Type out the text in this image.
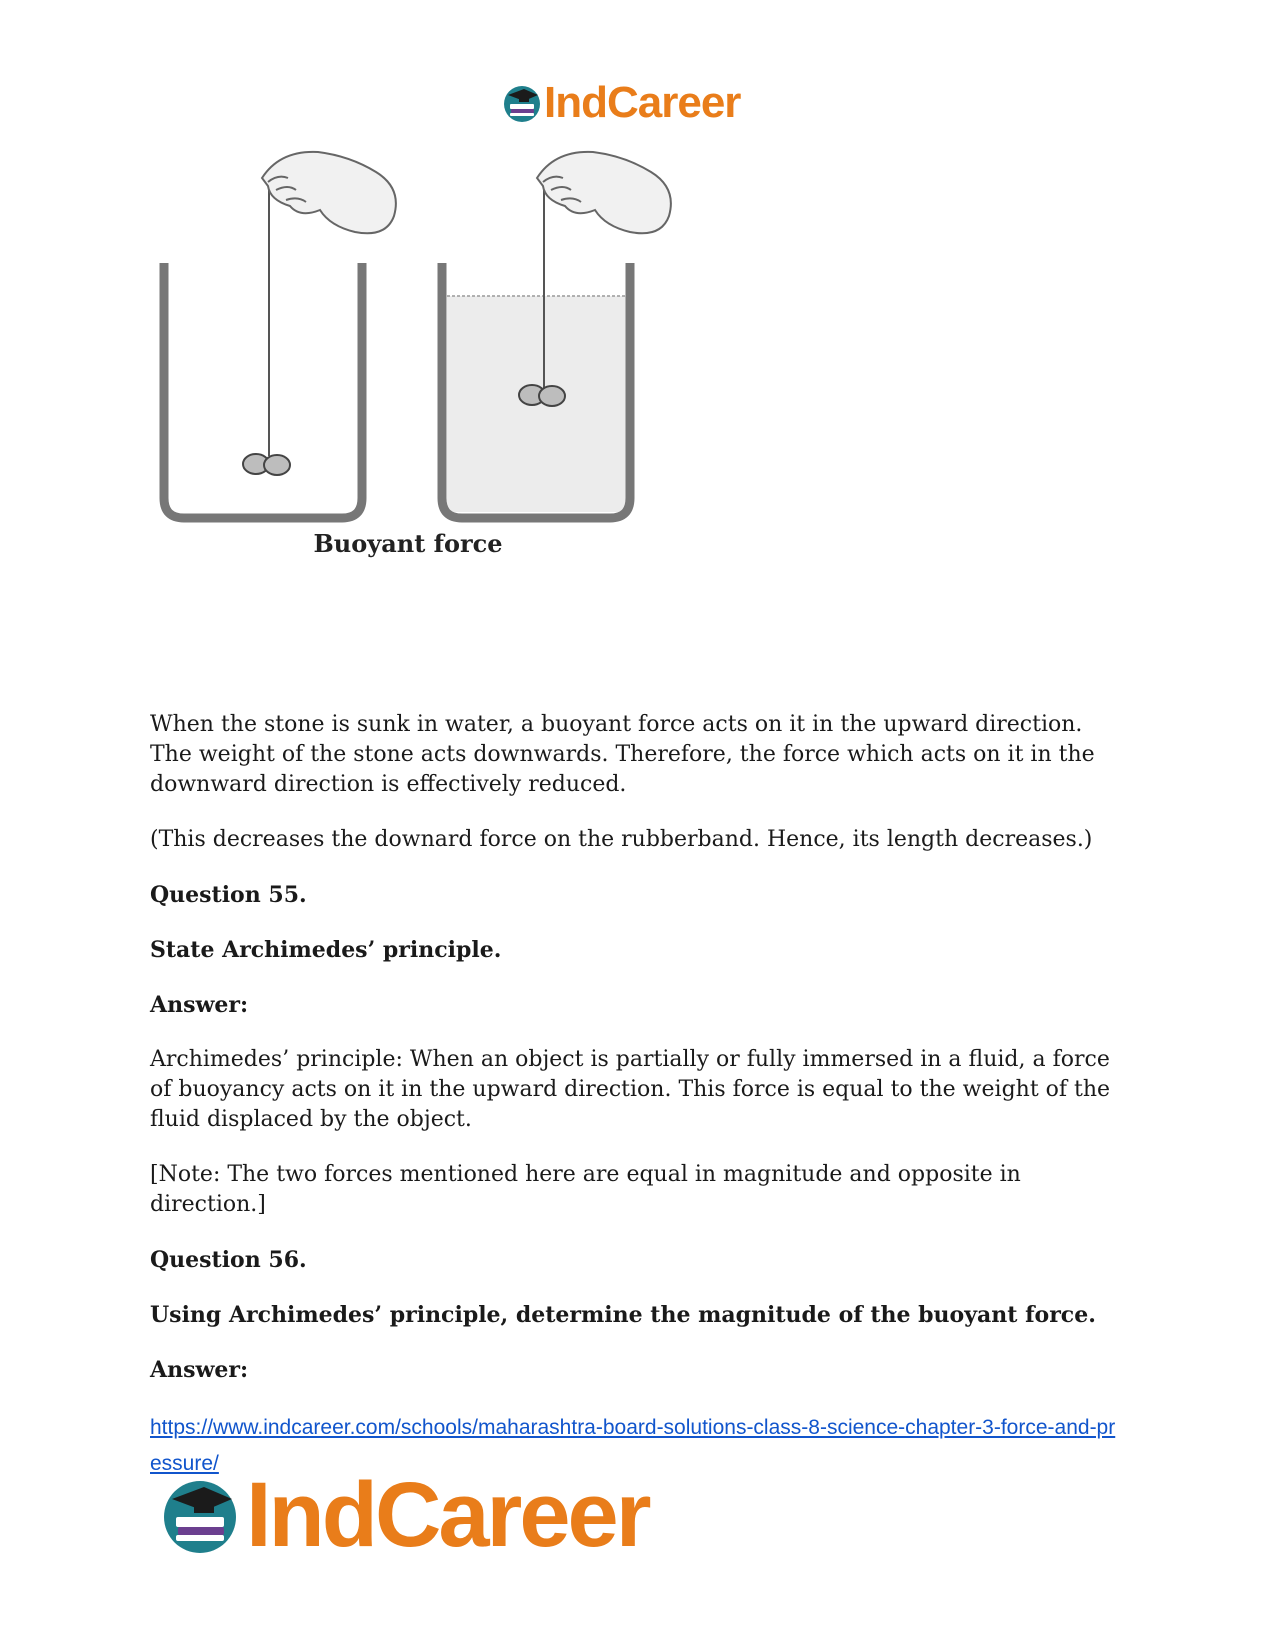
IndCareer
Buoyant force

When the stone is sunk in water, a buoyant force acts on it in the upward direction. The weight of the stone acts downwards. Therefore, the force which acts on it in the downward direction is effectively reduced.

(This decreases the downard force on the rubberband. Hence, its length decreases.)

Question 55.

State Archimedes’ principle.

Answer:

Archimedes’ principle: When an object is partially or fully immersed in a fluid, a force of buoyancy acts on it in the upward direction. This force is equal to the weight of the fluid displaced by the object.

[Note: The two forces mentioned here are equal in magnitude and opposite in direction.]

Question 56.

Using Archimedes’ principle, determine the magnitude of the buoyant force.

Answer:

https://www.indcareer.com/schools/maharashtra-board-solutions-class-8-science-chapter-3-force-and-pressure/
IndCareer
